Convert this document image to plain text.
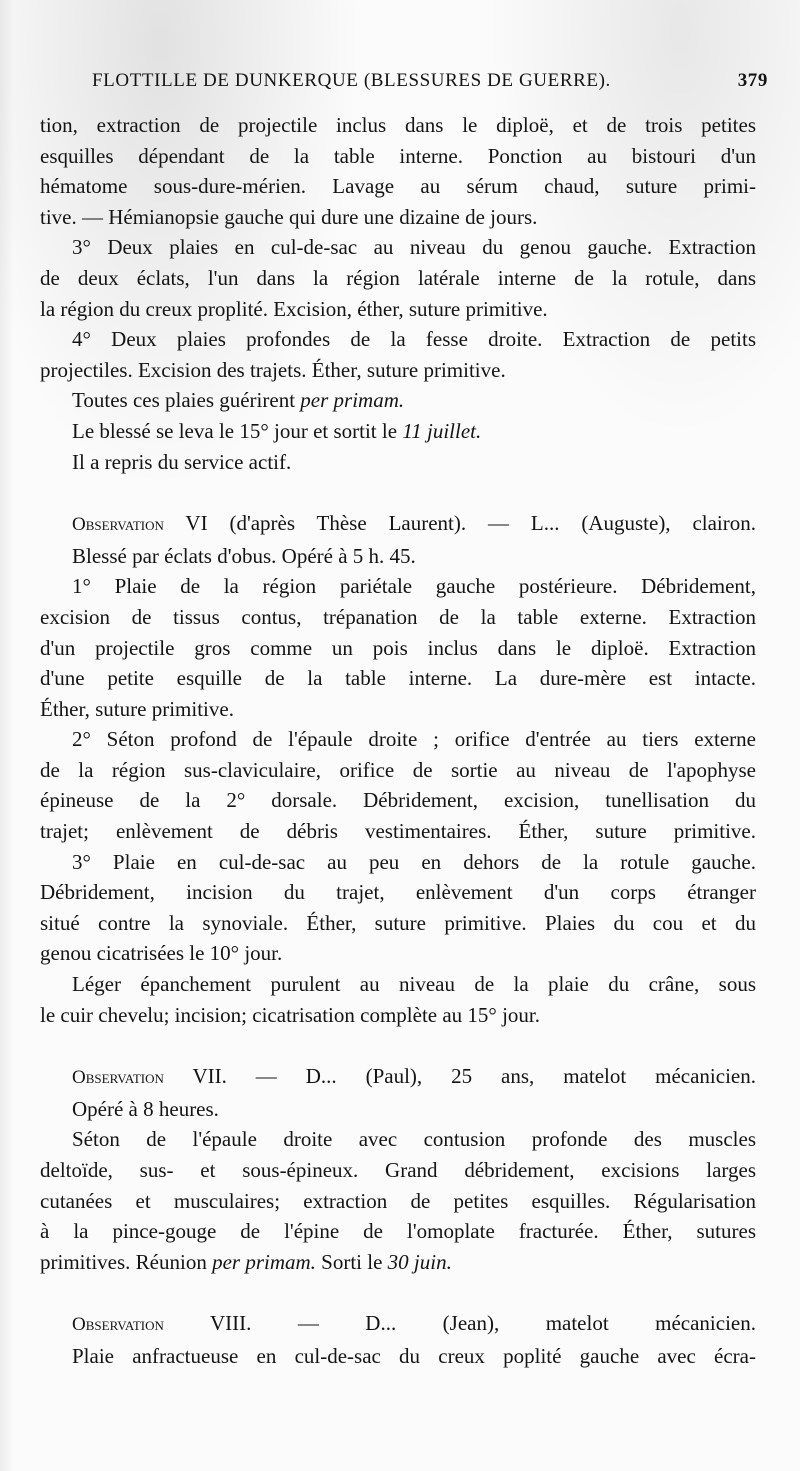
FLOTTILLE DE DUNKERQUE (BLESSURES DE GUERRE).	379

tion, extraction de projectile inclus dans le diploë, et de trois petites

esquilles dépendant de la table interne. Ponction au bistouri d'un

hématome sous-dure-mérien. Lavage au sérum chaud, suture primi-

tive. — Hémianopsie gauche qui dure une dizaine de jours.

3° Deux plaies en cul-de-sac au niveau du genou gauche. Extraction

de deux éclats, l'un dans la région latérale interne de la rotule, dans

la région du creux proplité. Excision, éther, suture primitive.

4° Deux plaies profondes de la fesse droite. Extraction de petits

projectiles. Excision des trajets. Éther, suture primitive.

Toutes ces plaies guérirent per primam.

Le blessé se leva le 15° jour et sortit le 11 juillet.

Il a repris du service actif.

Observation VI (d'après Thèse Laurent). — L... (Auguste), clairon.

Blessé par éclats d'obus. Opéré à 5 h. 45.

1° Plaie de la région pariétale gauche postérieure. Débridement,

excision de tissus contus, trépanation de la table externe. Extraction

d'un projectile gros comme un pois inclus dans le diploë. Extraction

d'une petite esquille de la table interne. La dure-mère est intacte.

Éther, suture primitive.

2° Séton profond de l'épaule droite ; orifice d'entrée au tiers externe

de la région sus-claviculaire, orifice de sortie au niveau de l'apophyse

épineuse de la 2° dorsale. Débridement, excision, tunellisation du

trajet; enlèvement de débris vestimentaires. Éther, suture primitive.

3° Plaie en cul-de-sac au peu en dehors de la rotule gauche.

Débridement, incision du trajet, enlèvement d'un corps étranger

situé contre la synoviale. Éther, suture primitive. Plaies du cou et du

genou cicatrisées le 10° jour.

Léger épanchement purulent au niveau de la plaie du crâne, sous

le cuir chevelu; incision; cicatrisation complète au 15° jour.

Observation VII. — D... (Paul), 25 ans, matelot mécanicien.

Opéré à 8 heures.

Séton de l'épaule droite avec contusion profonde des muscles

deltoïde, sus- et sous-épineux. Grand débridement, excisions larges

cutanées et musculaires; extraction de petites esquilles. Régularisation

à la pince-gouge de l'épine de l'omoplate fracturée. Éther, sutures

primitives. Réunion per primam. Sorti le 30 juin.

Observation VIII. — D... (Jean), matelot mécanicien.

Plaie anfractueuse en cul-de-sac du creux poplité gauche avec écra-
